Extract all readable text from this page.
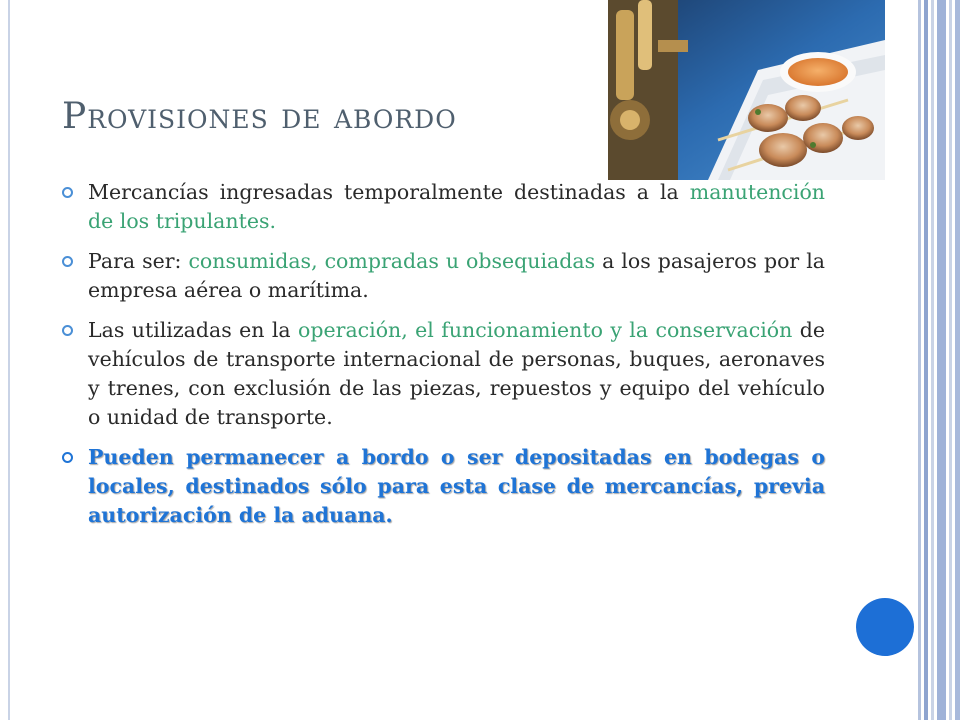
Provisiones de abordo

Mercancías ingresadas temporalmente destinadas a la manutención de los tripulantes.

Para ser: consumidas, compradas u obsequiadas a los pasajeros por la empresa aérea o marítima.

Las utilizadas en la operación, el funcionamiento y la conservación de vehículos de transporte internacional de personas, buques, aeronaves y trenes, con exclusión de las piezas, repuestos y equipo del vehículo o unidad de transporte.

Pueden permanecer a bordo o ser depositadas en bodegas o locales, destinados sólo para esta clase de mercancías, previa autorización de la aduana.
